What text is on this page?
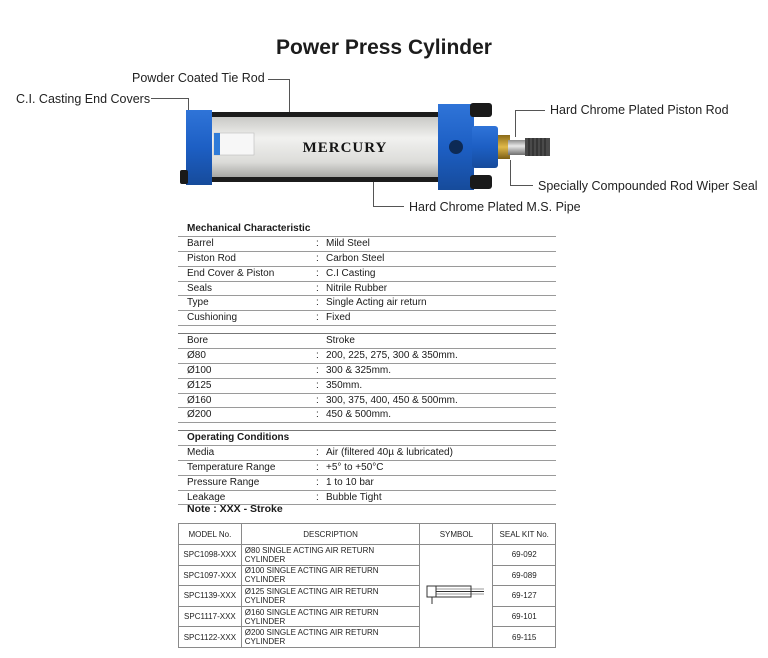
Power Press Cylinder
Powder Coated Tie Rod
C.I. Casting End Covers
Hard Chrome Plated Piston Rod
Specially Compounded Rod Wiper Seal
Hard Chrome Plated M.S. Pipe
MERCURY
Mechanical Characteristic
Barrel	: Mild Steel
Piston Rod	: Carbon Steel
End Cover & Piston	: C.I Casting
Seals	: Nitrile Rubber
Type	: Single Acting air return
Cushioning	: Fixed
Bore	Stroke
Ø80	: 200, 225, 275, 300 & 350mm.
Ø100	: 300 & 325mm.
Ø125	: 350mm.
Ø160	: 300, 375, 400, 450 & 500mm.
Ø200	: 450 & 500mm.
Operating Conditions
Media	: Air (filtered 40µ & lubricated)
Temperature Range	: +5° to +50°C
Pressure Range	: 1 to 10 bar
Leakage	: Bubble Tight
Note : XXX - Stroke
MODEL No.	DESCRIPTION	SYMBOL	SEAL KIT No.
SPC1098-XXX	Ø80 SINGLE ACTING AIR RETURN CYLINDER		69-092
SPC1097-XXX	Ø100 SINGLE ACTING AIR RETURN CYLINDER		69-089
SPC1139-XXX	Ø125 SINGLE ACTING AIR RETURN CYLINDER		69-127
SPC1117-XXX	Ø160 SINGLE ACTING AIR RETURN CYLINDER		69-101
SPC1122-XXX	Ø200 SINGLE ACTING AIR RETURN CYLINDER		69-115
